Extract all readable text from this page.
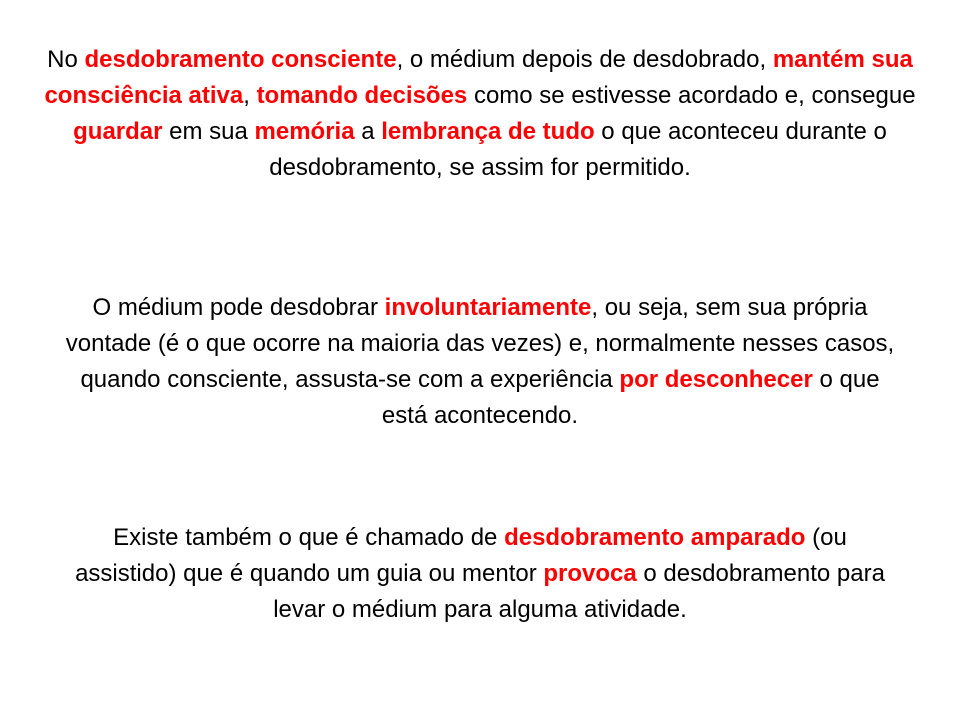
No desdobramento consciente, o médium depois de desdobrado, mantém sua consciência ativa, tomando decisões como se estivesse acordado e, consegue guardar em sua memória a lembrança de tudo o que aconteceu durante o desdobramento, se assim for permitido.

O médium pode desdobrar involuntariamente, ou seja, sem sua própria vontade (é o que ocorre na maioria das vezes) e, normalmente nesses casos, quando consciente, assusta-se com a experiência por desconhecer o que está acontecendo.

Existe também o que é chamado de desdobramento amparado (ou assistido) que é quando um guia ou mentor provoca o desdobramento para levar o médium para alguma atividade.
